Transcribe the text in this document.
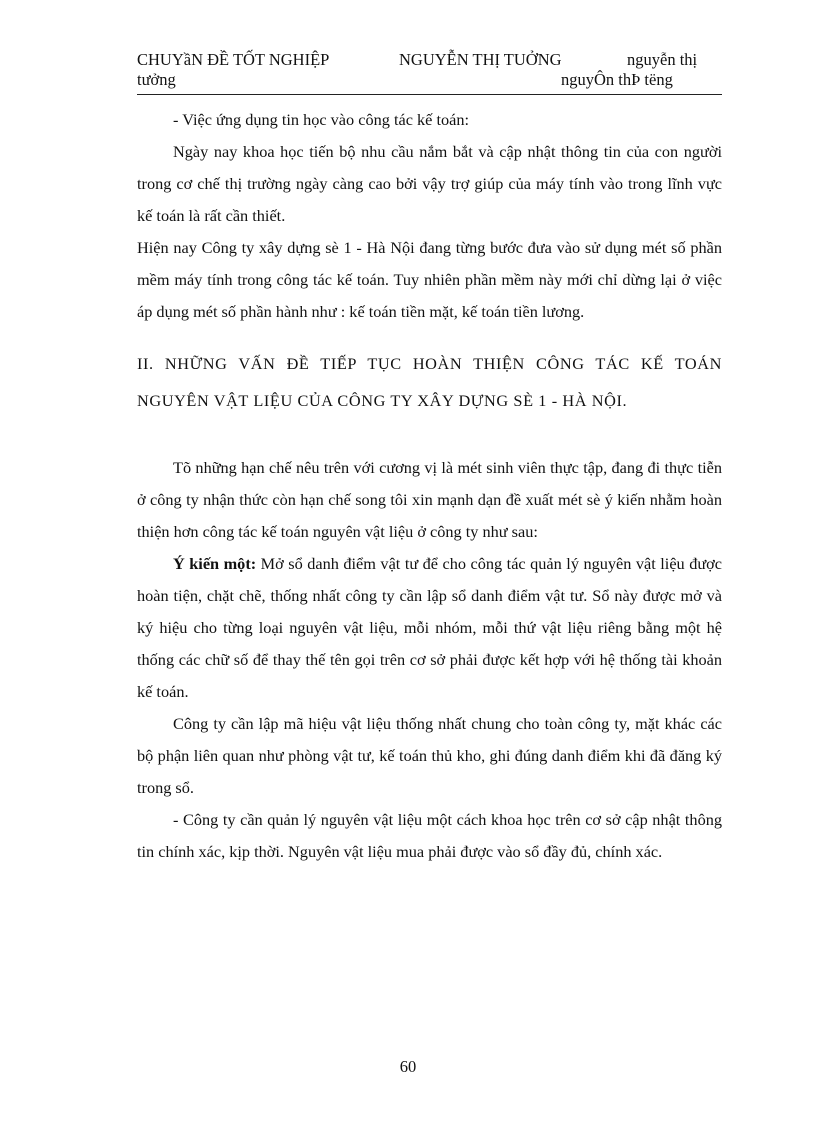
CHUYầN ĐỀ TỐT NGHIỆP	NGUYỄN THỊ TUỞNG	nguyễn thị
tưởng	nguyÔn thÞ tëng

- Việc ứng dụng tin học vào công tác kế toán:

Ngày nay khoa học tiến bộ nhu cầu nắm bắt và cập nhật thông tin của con người trong cơ chế thị trường ngày càng cao bởi vậy trợ giúp của máy tính vào trong lĩnh vực kế toán là rất cần thiết.

Hiện nay Công ty xây dựng sè 1 - Hà Nội đang từng bước đưa vào sử dụng mét số phần mềm máy tính trong công tác kế toán. Tuy nhiên phần mềm này mới chỉ dừng lại ở việc áp dụng mét số phần hành như : kế toán tiền mặt, kế toán tiền lương.

II. NHỮNG VẤN ĐỀ TIẾP TỤC HOÀN THIỆN CÔNG TÁC KẾ TOÁN NGUYÊN VẬT LIỆU CỦA CÔNG TY XÂY DỰNG SÈ 1 - HÀ NỘI.

Tõ những hạn chế nêu trên với cương vị là mét sinh viên thực tập, đang đi thực tiễn ở công ty nhận thức còn hạn chế song tôi xin mạnh dạn đề xuất mét sè ý kiến nhằm hoàn thiện hơn công tác kế toán nguyên vật liệu ở công ty như sau:

Ý kiến một: Mở sổ danh điểm vật tư để cho công tác quản lý nguyên vật liệu được hoàn tiện, chặt chẽ, thống nhất công ty cần lập sổ danh điểm vật tư. Sổ này được mở và ký hiệu cho từng loại nguyên vật liệu, mỗi nhóm, mỗi thứ vật liệu riêng bằng một hệ thống các chữ số để thay thế tên gọi trên cơ sở phải được kết hợp với hệ thống tài khoản kế toán.

Công ty cần lập mã hiệu vật liệu thống nhất chung cho toàn công ty, mặt khác các bộ phận liên quan như phòng vật tư, kế toán thủ kho, ghi đúng danh điểm khi đã đăng ký trong sổ.

- Công ty cần quản lý nguyên vật liệu một cách khoa học trên cơ sở cập nhật thông tin chính xác, kịp thời. Nguyên vật liệu mua phải được vào sổ đầy đủ, chính xác.

60
